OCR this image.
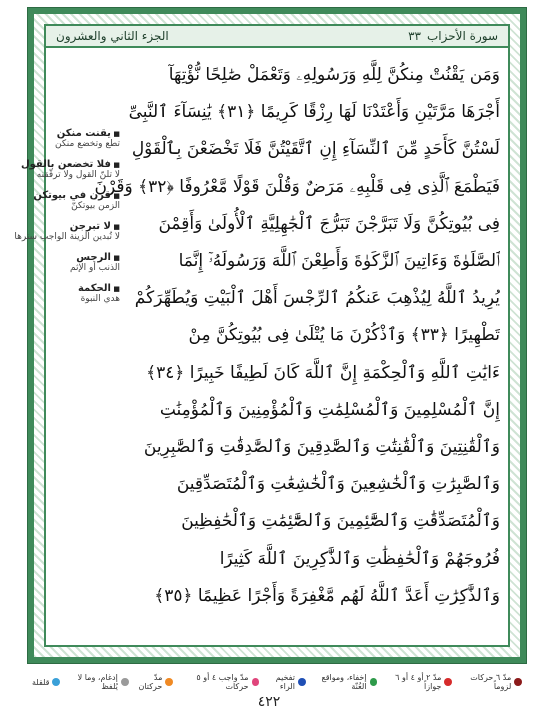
الجزء الثاني والعشرون	سورة الأحزاب
٣٣
وَمَن يَقْنُتْ مِنكُنَّ لِلَّهِ وَرَسُولِهِۦ وَتَعْمَلْ صَٰلِحًا نُّؤْتِهَآ
أَجْرَهَا مَرَّتَيْنِ وَأَعْتَدْنَا لَهَا رِزْقًا كَرِيمًا ﴿٣١﴾ يَٰنِسَآءَ ٱلنَّبِىِّ
لَسْتُنَّ كَأَحَدٍ مِّنَ ٱلنِّسَآءِ إِنِ ٱتَّقَيْتُنَّ فَلَا تَخْضَعْنَ بِٱلْقَوْلِ
فَيَطْمَعَ ٱلَّذِى فِى قَلْبِهِۦ مَرَضٌ وَقُلْنَ قَوْلًا مَّعْرُوفًا ﴿٣٢﴾ وَقَرْنَ
فِى بُيُوتِكُنَّ وَلَا تَبَرَّجْنَ تَبَرُّجَ ٱلْجَٰهِلِيَّةِ ٱلْأُولَىٰ وَأَقِمْنَ
ٱلصَّلَوٰةَ وَءَاتِينَ ٱلزَّكَوٰةَ وَأَطِعْنَ ٱللَّهَ وَرَسُولَهُۥٓ إِنَّمَا
يُرِيدُ ٱللَّهُ لِيُذْهِبَ عَنكُمُ ٱلرِّجْسَ أَهْلَ ٱلْبَيْتِ وَيُطَهِّرَكُمْ
تَطْهِيرًا ﴿٣٣﴾ وَٱذْكُرْنَ مَا يُتْلَىٰ فِى بُيُوتِكُنَّ مِنْ
ءَايَٰتِ ٱللَّهِ وَٱلْحِكْمَةِ إِنَّ ٱللَّهَ كَانَ لَطِيفًا خَبِيرًا ﴿٣٤﴾
إِنَّ ٱلْمُسْلِمِينَ وَٱلْمُسْلِمَٰتِ وَٱلْمُؤْمِنِينَ وَٱلْمُؤْمِنَٰتِ
وَٱلْقَٰنِتِينَ وَٱلْقَٰنِتَٰتِ وَٱلصَّٰدِقِينَ وَٱلصَّٰدِقَٰتِ وَٱلصَّٰبِرِينَ
وَٱلصَّٰبِرَٰتِ وَٱلْخَٰشِعِينَ وَٱلْخَٰشِعَٰتِ وَٱلْمُتَصَدِّقِينَ
وَٱلْمُتَصَدِّقَٰتِ وَٱلصَّٰٓئِمِينَ وَٱلصَّٰٓئِمَٰتِ وَٱلْحَٰفِظِينَ
فُرُوجَهُمْ وَٱلْحَٰفِظَٰتِ وَٱلذَّٰكِرِينَ ٱللَّهَ كَثِيرًا
وَٱلذَّٰكِرَٰتِ أَعَدَّ ٱللَّهُ لَهُم مَّغْفِرَةً وَأَجْرًا عَظِيمًا ﴿٣٥﴾
■ يقنت منكن
تطع وتخضع منكن
■ فلا تخضعن بالقول
لا تلنّ القول ولا ترقّقنه
■ قرن في بيوتكن
الزمن بيوتكنّ
■ لا تبرجن
لا تُبدين الزينة الواجب سترها
■ الرجس
الذنب أو الإثم
■ الحكمة
هدي النبوة
مدّ ٦ حركات لزوماً
مدّ ٢ أو ٤ أو ٦ جوازاً
إخفاء، ومواقع الغُنّة
تفخيم الراء
مدّ واجب ٤ أو ٥ حركات
مدّ حركتان
إدغام، وما لا يُلفظ
قلقلة
٤٢٢
